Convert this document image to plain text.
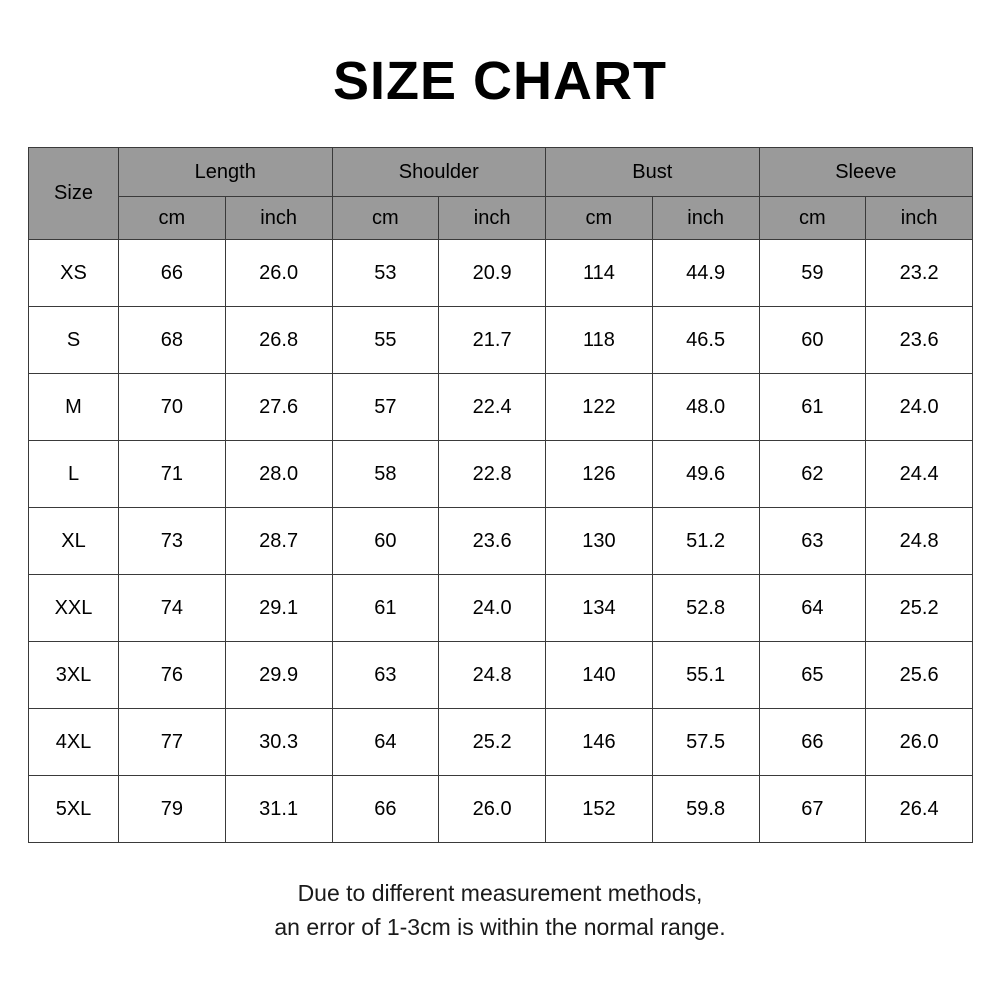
SIZE CHART
Size	Length		Shoulder		Bust		Sleeve	
	cm	inch	cm	inch	cm	inch	cm	inch
XS	66	26.0	53	20.9	114	44.9	59	23.2
S	68	26.8	55	21.7	118	46.5	60	23.6
M	70	27.6	57	22.4	122	48.0	61	24.0
L	71	28.0	58	22.8	126	49.6	62	24.4
XL	73	28.7	60	23.6	130	51.2	63	24.8
XXL	74	29.1	61	24.0	134	52.8	64	25.2
3XL	76	29.9	63	24.8	140	55.1	65	25.6
4XL	77	30.3	64	25.2	146	57.5	66	26.0
5XL	79	31.1	66	26.0	152	59.8	67	26.4
Due to different measurement methods,
an error of 1-3cm is within the normal range.
